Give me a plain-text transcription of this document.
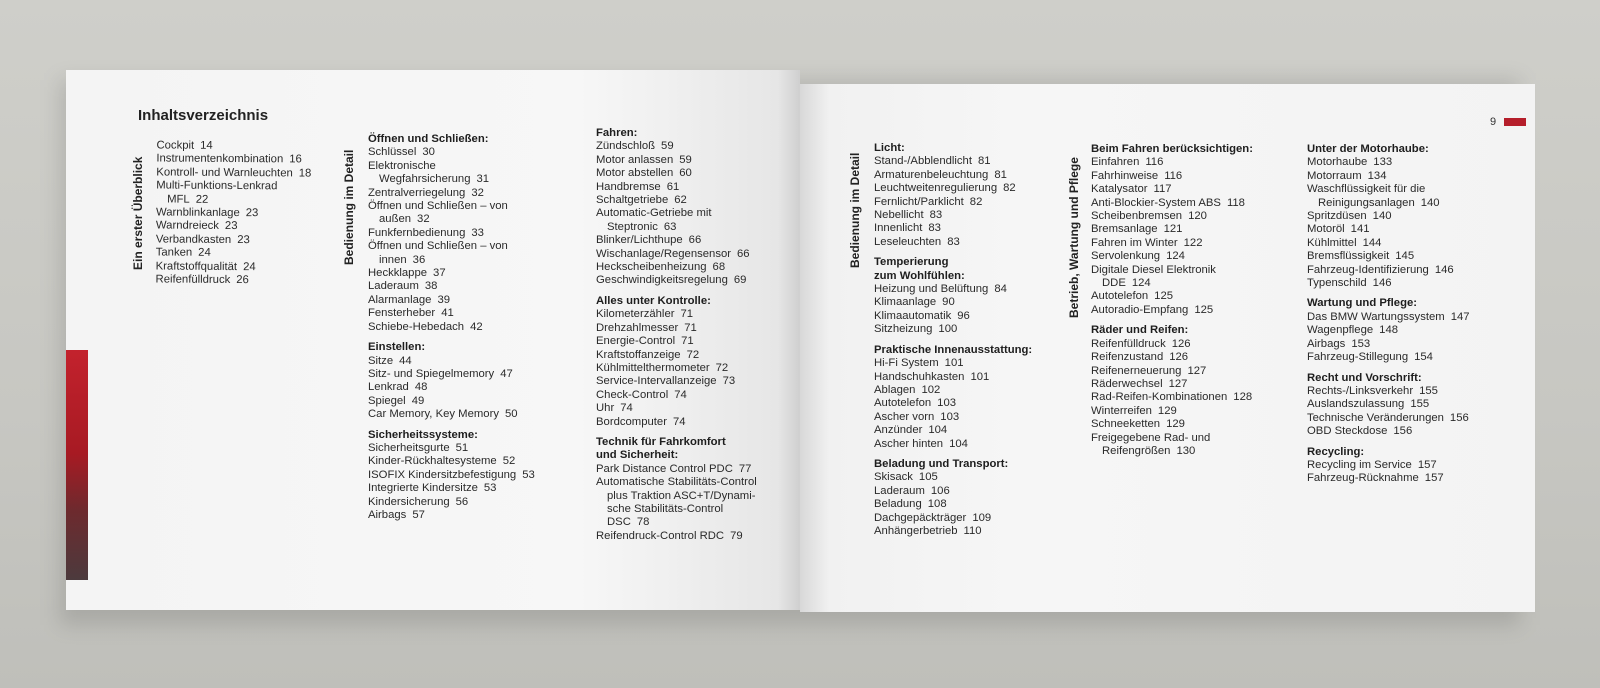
Inhaltsverzeichnis	9
Ein erster Überblick	Bedienung im Detail	Bedienung im Detail	Betrieb, Wartung und Pflege
Cockpit 14
Instrumentenkombination 16
Kontroll- und Warnleuchten 18
Multi-Funktions-Lenkrad
MFL 22
Warnblinkanlage 23
Warndreieck 23
Verbandkasten 23
Tanken 24
Kraftstoffqualität 24
Reifenfülldruck 26
Öffnen und Schließen:
Schlüssel 30
Elektronische
Wegfahrsicherung 31
Zentralverriegelung 32
Öffnen und Schließen – von
außen 32
Funkfernbedienung 33
Öffnen und Schließen – von
innen 36
Heckklappe 37
Laderaum 38
Alarmanlage 39
Fensterheber 41
Schiebe-Hebedach 42
Einstellen:
Sitze 44
Sitz- und Spiegelmemory 47
Lenkrad 48
Spiegel 49
Car Memory, Key Memory 50
Sicherheitssysteme:
Sicherheitsgurte 51
Kinder-Rückhaltesysteme 52
ISOFIX Kindersitzbefestigung 53
Integrierte Kindersitze 53
Kindersicherung 56
Airbags 57
Fahren:
Zündschloß 59
Motor anlassen 59
Motor abstellen 60
Handbremse 61
Schaltgetriebe 62
Automatic-Getriebe mit
Steptronic 63
Blinker/Lichthupe 66
Wischanlage/Regensensor 66
Heckscheibenheizung 68
Geschwindigkeitsregelung 69
Alles unter Kontrolle:
Kilometerzähler 71
Drehzahlmesser 71
Energie-Control 71
Kraftstoffanzeige 72
Kühlmittelthermometer 72
Service-Intervallanzeige 73
Check-Control 74
Uhr 74
Bordcomputer 74
Technik für Fahrkomfort
und Sicherheit:
Park Distance Control PDC 77
Automatische Stabilitäts-Control
plus Traktion ASC+T/Dynami-
sche Stabilitäts-Control
DSC 78
Reifendruck-Control RDC 79
Licht:
Stand-/Abblendlicht 81
Armaturenbeleuchtung 81
Leuchtweitenregulierung 82
Fernlicht/Parklicht 82
Nebellicht 83
Innenlicht 83
Leseleuchten 83
Temperierung
zum Wohlfühlen:
Heizung und Belüftung 84
Klimaanlage 90
Klimaautomatik 96
Sitzheizung 100
Praktische Innenausstattung:
Hi-Fi System 101
Handschuhkasten 101
Ablagen 102
Autotelefon 103
Ascher vorn 103
Anzünder 104
Ascher hinten 104
Beladung und Transport:
Skisack 105
Laderaum 106
Beladung 108
Dachgepäckträger 109
Anhängerbetrieb 110
Beim Fahren berücksichtigen:
Einfahren 116
Fahrhinweise 116
Katalysator 117
Anti-Blockier-System ABS 118
Scheibenbremsen 120
Bremsanlage 121
Fahren im Winter 122
Servolenkung 124
Digitale Diesel Elektronik
DDE 124
Autotelefon 125
Autoradio-Empfang 125
Räder und Reifen:
Reifenfülldruck 126
Reifenzustand 126
Reifenerneuerung 127
Räderwechsel 127
Rad-Reifen-Kombinationen 128
Winterreifen 129
Schneeketten 129
Freigegebene Rad- und
Reifengrößen 130
Unter der Motorhaube:
Motorhaube 133
Motorraum 134
Waschflüssigkeit für die
Reinigungsanlagen 140
Spritzdüsen 140
Motoröl 141
Kühlmittel 144
Bremsflüssigkeit 145
Fahrzeug-Identifizierung 146
Typenschild 146
Wartung und Pflege:
Das BMW Wartungssystem 147
Wagenpflege 148
Airbags 153
Fahrzeug-Stillegung 154
Recht und Vorschrift:
Rechts-/Linksverkehr 155
Auslandszulassung 155
Technische Veränderungen 156
OBD Steckdose 156
Recycling:
Recycling im Service 157
Fahrzeug-Rücknahme 157
